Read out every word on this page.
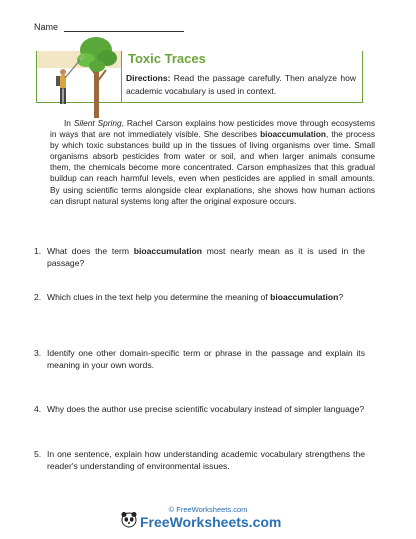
Name
Toxic Traces
Directions: Read the passage carefully. Then analyze how academic vocabulary is used in context.
In Silent Spring, Rachel Carson explains how pesticides move through ecosystems in ways that are not immediately visible. She describes bioaccumulation, the process by which toxic substances build up in the tissues of living organisms over time. Small organisms absorb pesticides from water or soil, and when larger animals consume them, the chemicals become more concentrated. Carson emphasizes that this gradual buildup can reach harmful levels, even when pesticides are applied in small amounts. By using scientific terms alongside clear explanations, she shows how human actions can disrupt natural systems long after the original exposure occurs.
1. What does the term bioaccumulation most nearly mean as it is used in the passage?
2. Which clues in the text help you determine the meaning of bioaccumulation?
3. Identify one other domain-specific term or phrase in the passage and explain its meaning in your own words.
4. Why does the author use precise scientific vocabulary instead of simpler language?
5. In one sentence, explain how understanding academic vocabulary strengthens the reader's understanding of environmental issues.
© FreeWorksheets.com
FreeWorksheets.com
